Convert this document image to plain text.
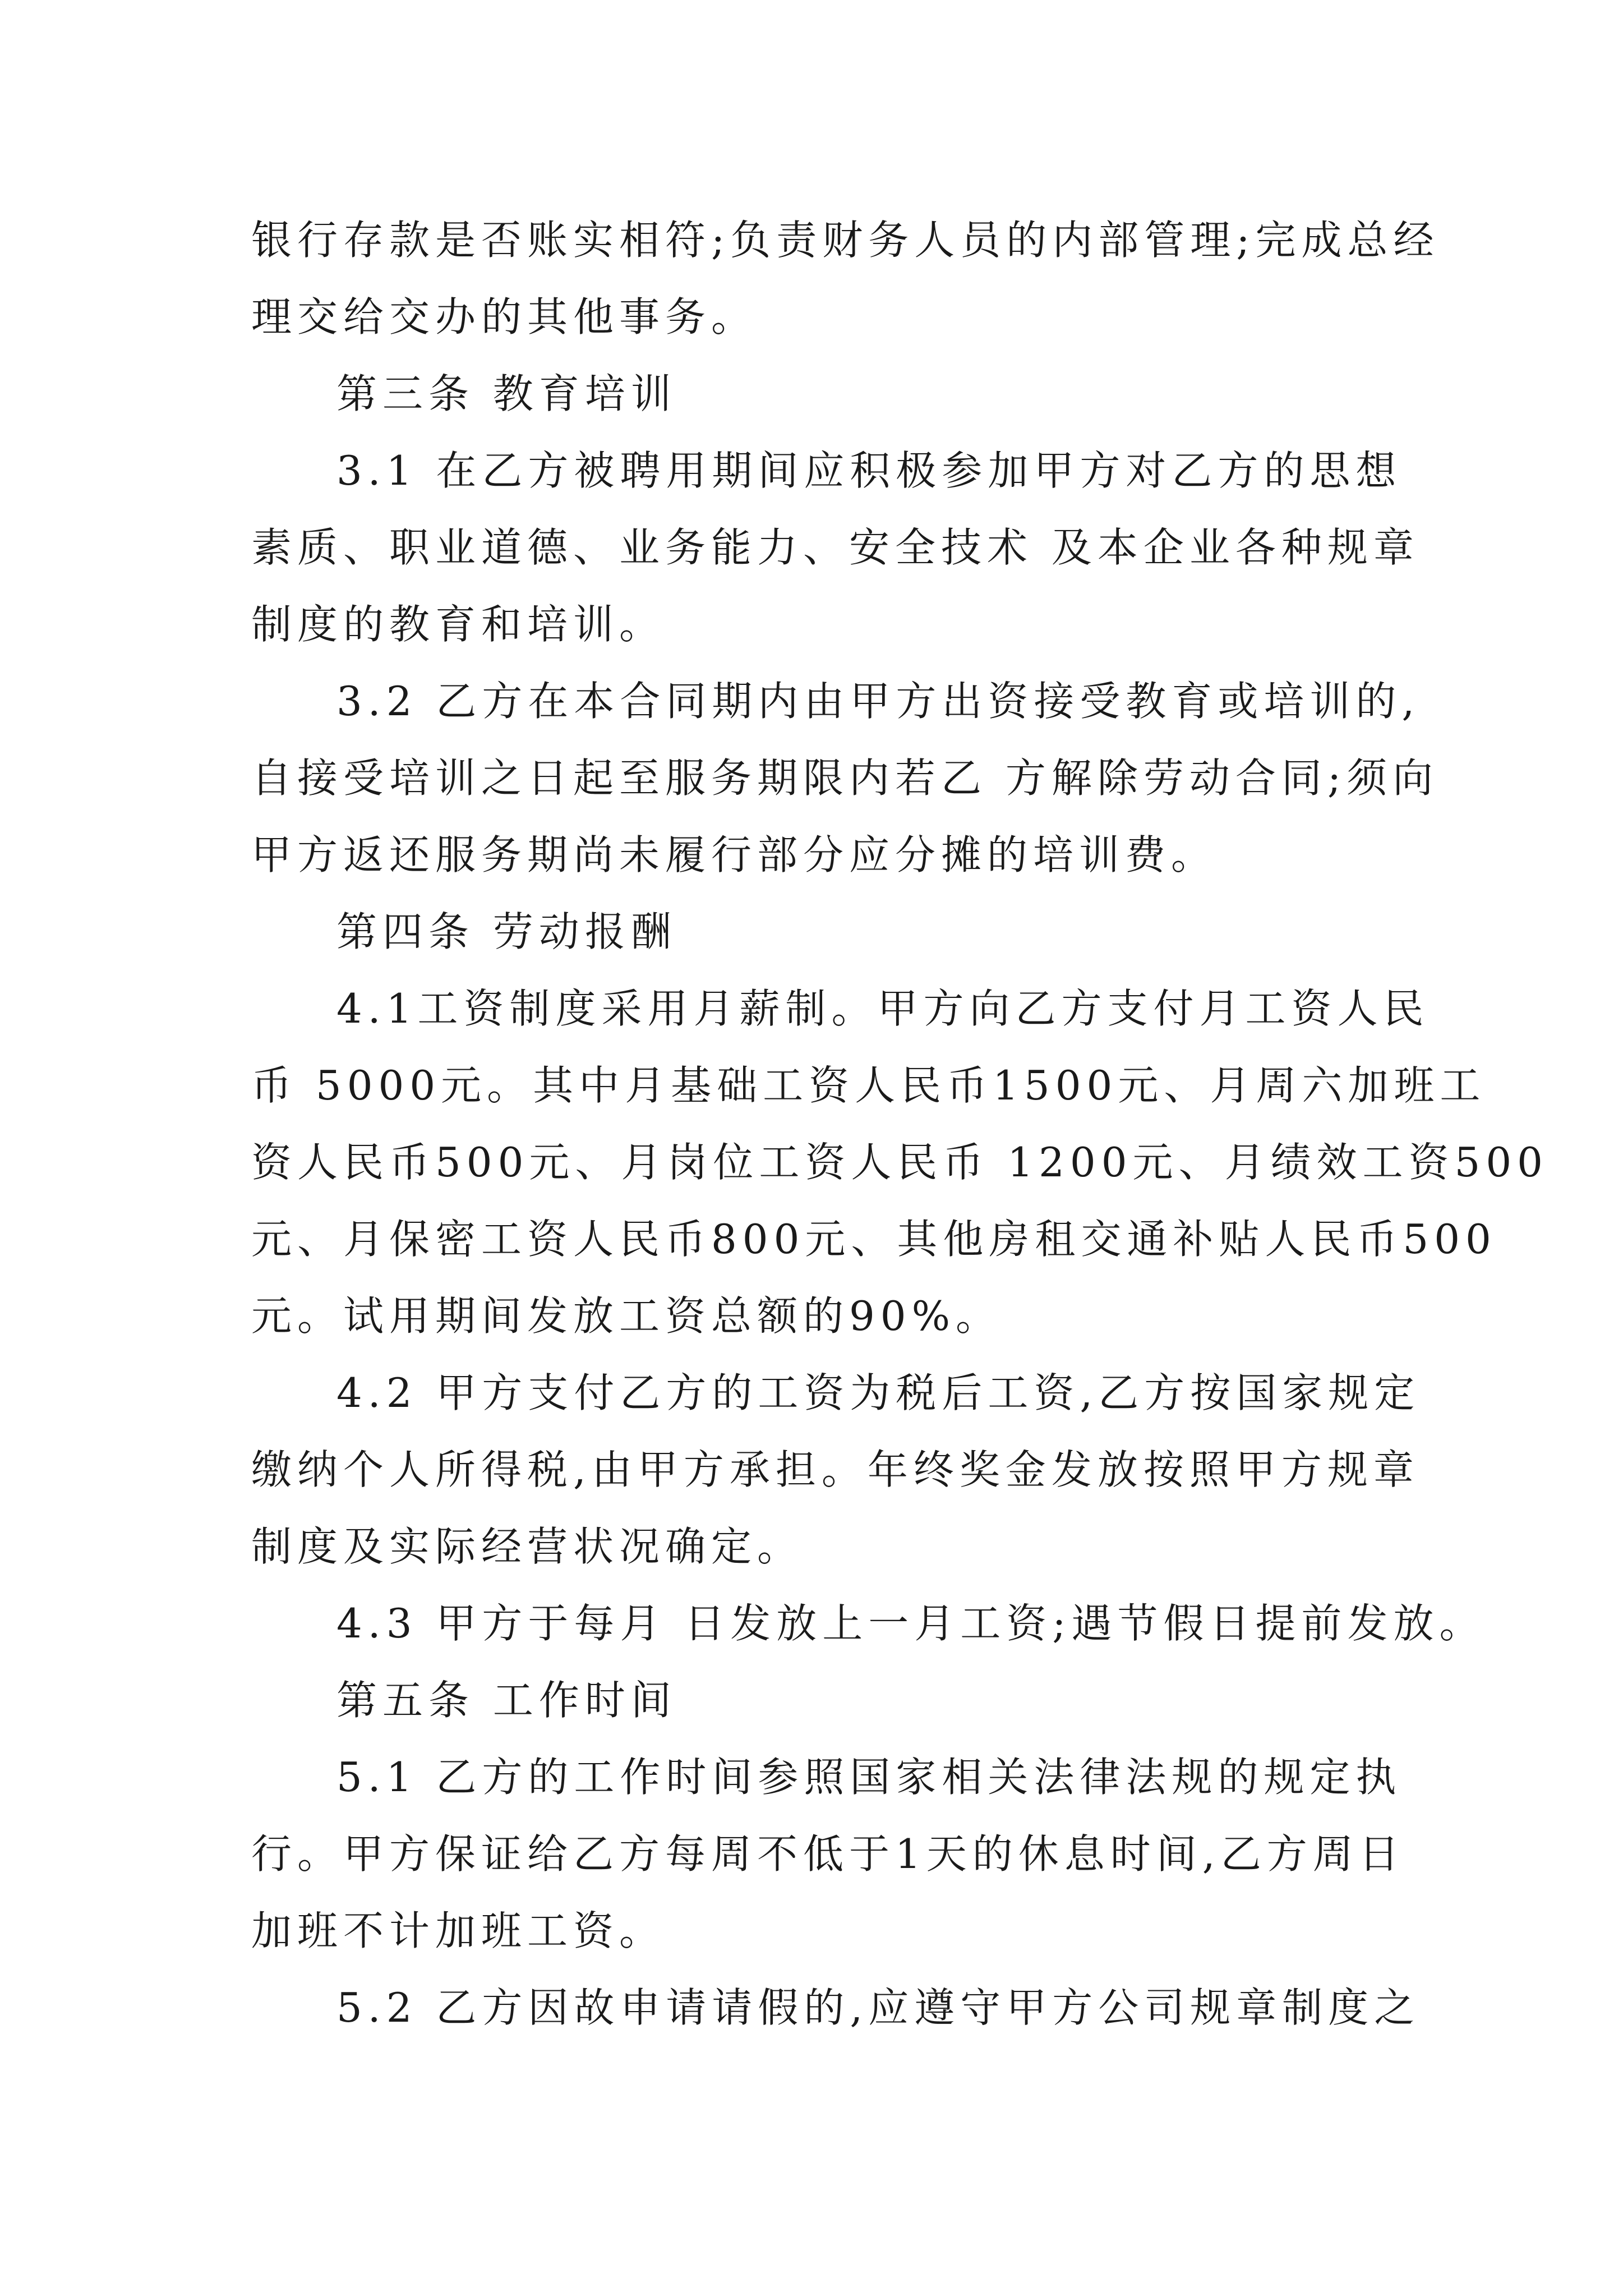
银行存款是否账实相符;负责财务人员的内部管理;完成总经
理交给交办的其他事务。
第三条 教育培训
3.1 在乙方被聘用期间应积极参加甲方对乙方的思想
素质、职业道德、业务能力、安全技术 及本企业各种规章
制度的教育和培训。
3.2 乙方在本合同期内由甲方出资接受教育或培训的,
自接受培训之日起至服务期限内若乙 方解除劳动合同;须向
甲方返还服务期尚未履行部分应分摊的培训费。
第四条 劳动报酬
4.1工资制度采用月薪制。甲方向乙方支付月工资人民
币 5000元。其中月基础工资人民币1500元、月周六加班工
资人民币500元、月岗位工资人民币 1200元、月绩效工资500
元、月保密工资人民币800元、其他房租交通补贴人民币500
元。试用期间发放工资总额的90%。
4.2 甲方支付乙方的工资为税后工资,乙方按国家规定
缴纳个人所得税,由甲方承担。年终奖金发放按照甲方规章
制度及实际经营状况确定。
4.3 甲方于每月 日发放上一月工资;遇节假日提前发放。
第五条 工作时间
5.1 乙方的工作时间参照国家相关法律法规的规定执
行。甲方保证给乙方每周不低于1天的休息时间,乙方周日
加班不计加班工资。
5.2 乙方因故申请请假的,应遵守甲方公司规章制度之
